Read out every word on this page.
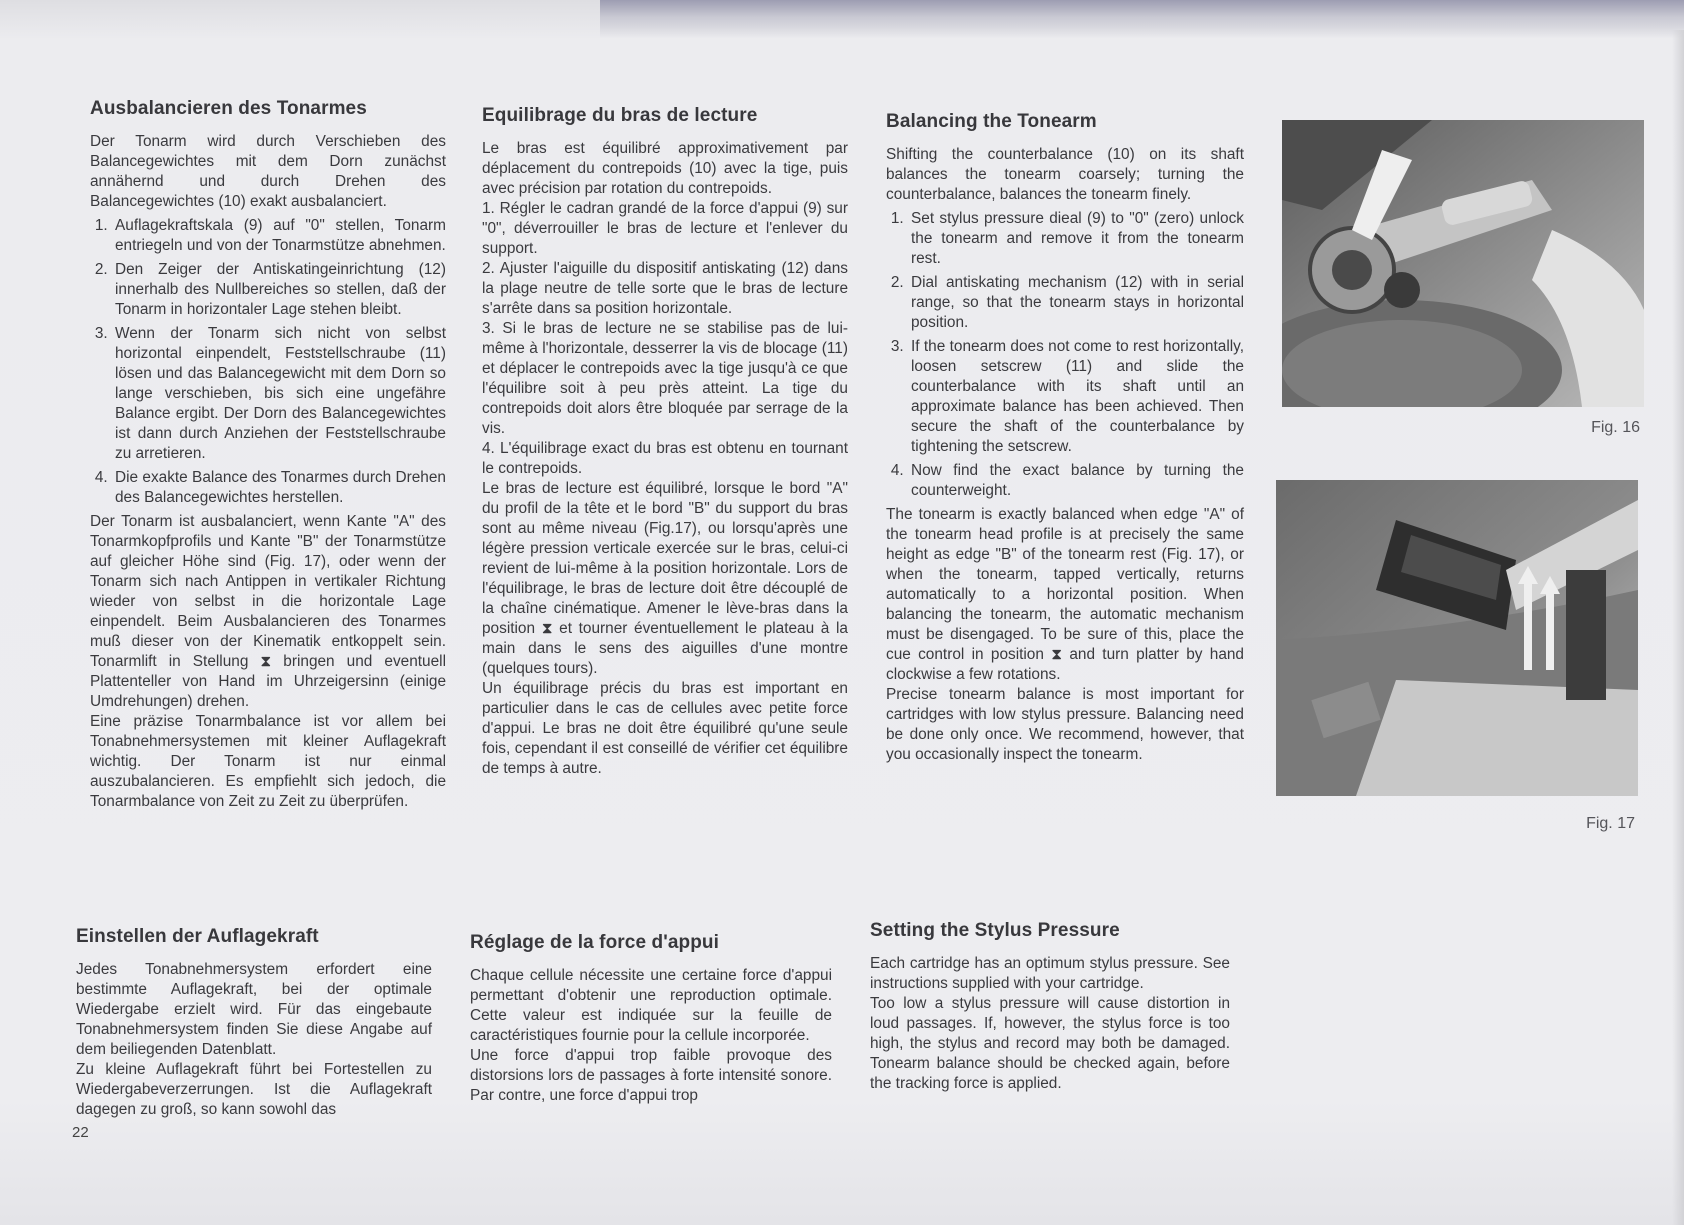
Ausbalancieren des Tonarmes

Der Tonarm wird durch Verschieben des Balancegewichtes mit dem Dorn zunächst annähernd und durch Drehen des Balancegewichtes (10) exakt ausbalanciert.

1. Auflagekraftskala (9) auf "0" stellen, Tonarm entriegeln und von der Tonarmstütze abnehmen.
2. Den Zeiger der Antiskatingeinrichtung (12) innerhalb des Nullbereiches so stellen, daß der Tonarm in horizontaler Lage stehen bleibt.
3. Wenn der Tonarm sich nicht von selbst horizontal einpendelt, Feststellschraube (11) lösen und das Balancegewicht mit dem Dorn so lange verschieben, bis sich eine ungefähre Balance ergibt. Der Dorn des Balancegewichtes ist dann durch Anziehen der Feststellschraube zu arretieren.
4. Die exakte Balance des Tonarmes durch Drehen des Balancegewichtes herstellen.

Der Tonarm ist ausbalanciert, wenn Kante "A" des Tonarmkopfprofils und Kante "B" der Tonarmstütze auf gleicher Höhe sind (Fig. 17), oder wenn der Tonarm sich nach Antippen in vertikaler Richtung wieder von selbst in die horizontale Lage einpendelt. Beim Ausbalancieren des Tonarmes muß dieser von der Kinematik entkoppelt sein. Tonarmlift in Stellung ⧗ bringen und eventuell Plattenteller von Hand im Uhrzeigersinn (einige Umdrehungen) drehen.

Eine präzise Tonarmbalance ist vor allem bei Tonabnehmersystemen mit kleiner Auflagekraft wichtig. Der Tonarm ist nur einmal auszubalancieren. Es empfiehlt sich jedoch, die Tonarmbalance von Zeit zu Zeit zu überprüfen.

Equilibrage du bras de lecture

Le bras est équilibré approximativement par déplacement du contrepoids (10) avec la tige, puis avec précision par rotation du contrepoids.

1. Régler le cadran grandé de la force d'appui (9) sur "0", déverrouiller le bras de lecture et l'enlever du support.

2. Ajuster l'aiguille du dispositif antiskating (12) dans la plage neutre de telle sorte que le bras de lecture s'arrête dans sa position horizontale.

3. Si le bras de lecture ne se stabilise pas de lui-même à l'horizontale, desserrer la vis de blocage (11) et déplacer le contrepoids avec la tige jusqu'à ce que l'équilibre soit à peu près atteint. La tige du contrepoids doit alors être bloquée par serrage de la vis.

4. L'équilibrage exact du bras est obtenu en tournant le contrepoids.

Le bras de lecture est équilibré, lorsque le bord "A" du profil de la tête et le bord "B" du support du bras sont au même niveau (Fig.17), ou lorsqu'après une légère pression verticale exercée sur le bras, celui-ci revient de lui-même à la position horizontale. Lors de l'équilibrage, le bras de lecture doit être découplé de la chaîne cinématique. Amener le lève-bras dans la position ⧗ et tourner éventuellement le plateau à la main dans le sens des aiguilles d'une montre (quelques tours).

Un équilibrage précis du bras est important en particulier dans le cas de cellules avec petite force d'appui. Le bras ne doit être équilibré qu'une seule fois, cependant il est conseillé de vérifier cet équilibre de temps à autre.

Balancing the Tonearm

Shifting the counterbalance (10) on its shaft balances the tonearm coarsely; turning the counterbalance, balances the tonearm finely.

1. Set stylus pressure dieal (9) to "0" (zero) unlock the tonearm and remove it from the tonearm rest.
2. Dial antiskating mechanism (12) with in serial range, so that the tonearm stays in horizontal position.
3. If the tonearm does not come to rest horizontally, loosen setscrew (11) and slide the counterbalance with its shaft until an approximate balance has been achieved. Then secure the shaft of the counterbalance by tightening the setscrew.
4. Now find the exact balance by turning the counterweight.

The tonearm is exactly balanced when edge "A" of the tonearm head profile is at precisely the same height as edge "B" of the tonearm rest (Fig. 17), or when the tonearm, tapped vertically, returns automatically to a horizontal position. When balancing the tonearm, the automatic mechanism must be disengaged. To be sure of this, place the cue control in position ⧗ and turn platter by hand clockwise a few rotations.

Precise tonearm balance is most important for cartridges with low stylus pressure. Balancing need be done only once. We recommend, however, that you occasionally inspect the tonearm.

Fig. 16
Fig. 17
Einstellen der Auflagekraft

Jedes Tonabnehmersystem erfordert eine bestimmte Auflagekraft, bei der optimale Wiedergabe erzielt wird. Für das eingebaute Tonabnehmersystem finden Sie diese Angabe auf dem beiliegenden Datenblatt.

Zu kleine Auflagekraft führt bei Fortestellen zu Wiedergabeverzerrungen. Ist die Auflagekraft dagegen zu groß, so kann sowohl das

Réglage de la force d'appui

Chaque cellule nécessite une certaine force d'appui permettant d'obtenir une reproduction optimale. Cette valeur est indiquée sur la feuille de caractéristiques fournie pour la cellule incorporée.

Une force d'appui trop faible provoque des distorsions lors de passages à forte intensité sonore. Par contre, une force d'appui trop

Setting the Stylus Pressure

Each cartridge has an optimum stylus pressure. See instructions supplied with your cartridge.

Too low a stylus pressure will cause distortion in loud passages. If, however, the stylus force is too high, the stylus and record may both be damaged. Tonearm balance should be checked again, before the tracking force is applied.

22
